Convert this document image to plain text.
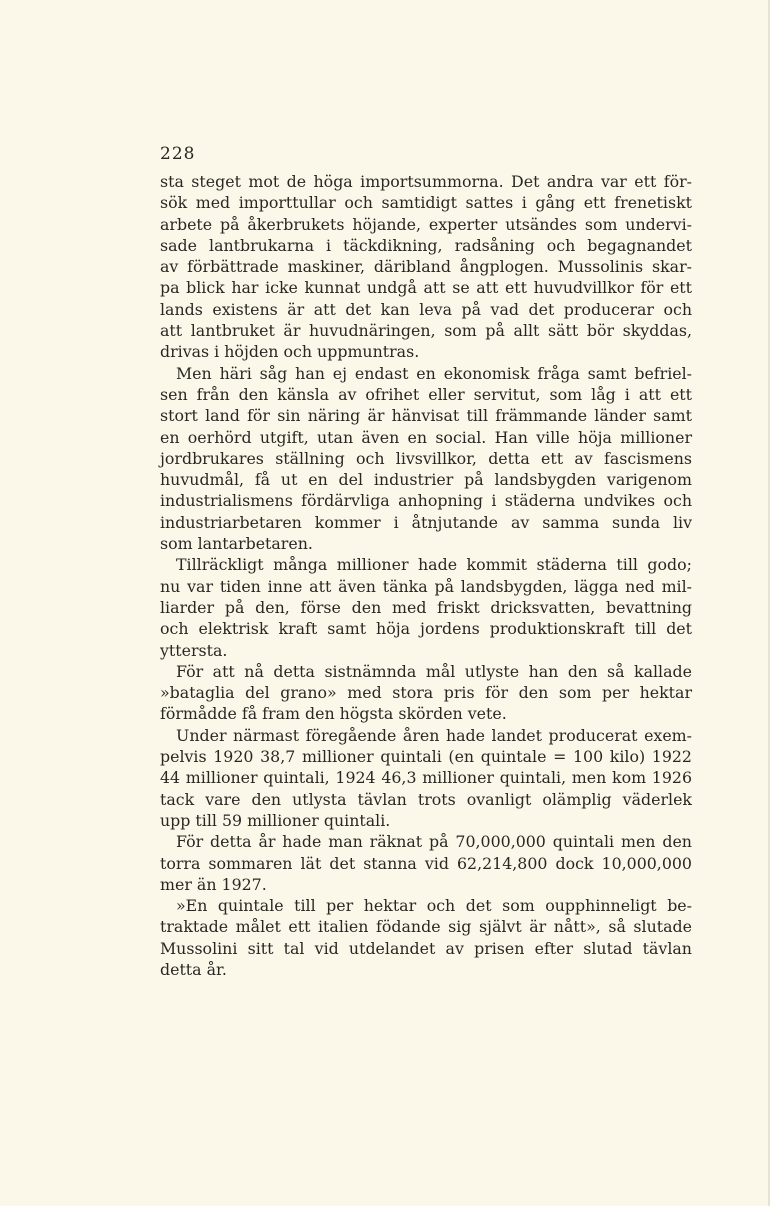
228
sta steget mot de höga importsummorna. Det andra var ett för-
sök med importtullar och samtidigt sattes i gång ett frenetiskt
arbete på åkerbrukets höjande, experter utsändes som undervi-
sade lantbrukarna i täckdikning, radsåning och begagnandet
av förbättrade maskiner, däribland ångplogen. Mussolinis skar-
pa blick har icke kunnat undgå att se att ett huvudvillkor för ett
lands existens är att det kan leva på vad det producerar och
att lantbruket är huvudnäringen, som på allt sätt bör skyddas,
drivas i höjden och uppmuntras.
Men häri såg han ej endast en ekonomisk fråga samt befriel-
sen från den känsla av ofrihet eller servitut, som låg i att ett
stort land för sin näring är hänvisat till främmande länder samt
en oerhörd utgift, utan även en social. Han ville höja millioner
jordbrukares ställning och livsvillkor, detta ett av fascismens
huvudmål, få ut en del industrier på landsbygden varigenom
industrialismens fördärvliga anhopning i städerna undvikes och
industriarbetaren kommer i åtnjutande av samma sunda liv
som lantarbetaren.
Tillräckligt många millioner hade kommit städerna till godo;
nu var tiden inne att även tänka på landsbygden, lägga ned mil-
liarder på den, förse den med friskt dricksvatten, bevattning
och elektrisk kraft samt höja jordens produktionskraft till det
yttersta.
För att nå detta sistnämnda mål utlyste han den så kallade
»bataglia del grano» med stora pris för den som per hektar
förmådde få fram den högsta skörden vete.
Under närmast föregående åren hade landet producerat exem-
pelvis 1920 38,7 millioner quintali (en quintale = 100 kilo) 1922
44 millioner quintali, 1924 46,3 millioner quintali, men kom 1926
tack vare den utlysta tävlan trots ovanligt olämplig väderlek
upp till 59 millioner quintali.
För detta år hade man räknat på 70,000,000 quintali men den
torra sommaren lät det stanna vid 62,214,800 dock 10,000,000
mer än 1927.
»En quintale till per hektar och det som oupphinneligt be-
traktade målet ett italien födande sig självt är nått», så slutade
Mussolini sitt tal vid utdelandet av prisen efter slutad tävlan
detta år.
